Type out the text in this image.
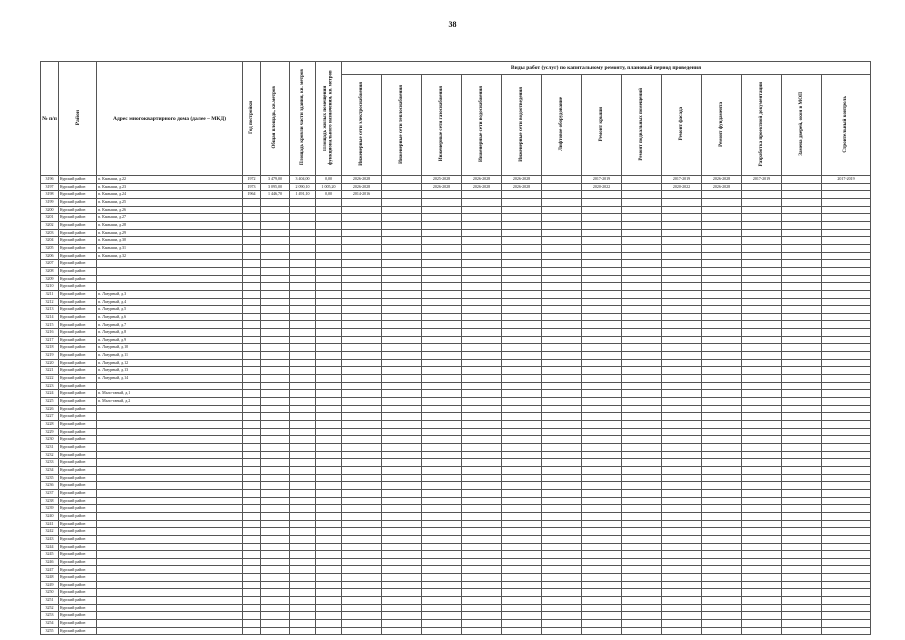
38
№ п/п	Район	Адрес многоквартирного дома (далее – МКД)	Год постройки	Общая площадь, кв.метров	Площадь кровли части здания, кв. метров	Площадь жилых помещений функционального назначения, кв. метров	Виды работ (услуг) по капитальному ремонту, плановый период проведения												
							Инженерные сети электроснабжения	Инженерные сети теплоснабжения	Инженерные сети газоснабжения	Инженерные сети водоснабжения	Инженерные сети водоотведения	Лифтовое оборудование	Ремонт крыши	Ремонт подвальных помещений	Ремонт фасада	Ремонт фундамента	Разработка проектной документации	Замена дверей, окон в МОП	Строительный контроль
3196	Курский район	п. Камыши, д.22	1972	3 479,00	3 404,00	0,00	2026-2028		2025-2028	2026-2028	2026-2028		2017-2019		2017-2019	2026-2028	2017-2019		2017-2019
3197	Курский район	п. Камыши, д.23	1973	3 095,00	2 090,10	1 005,20	2026-2028		2026-2028	2026-2028	2026-2028		2020-2022		2020-2022	2026-2028			
3198	Курский район	п. Камыши, д.24	1964	1 446,70	1 491,10	0,00	2014-2016												
3199	Курский район	п. Камыши, д.25																	
3200	Курский район	п. Камыши, д.26																	
3201	Курский район	п. Камыши, д.27																	
3202	Курский район	п. Камыши, д.28																	
3203	Курский район	п. Камыши, д.29																	
3204	Курский район	п. Камыши, д.30																	
3205	Курский район	п. Камыши, д.31																	
3206	Курский район	п. Камыши, д.32																	
3207	Курский район																		
3208	Курский район																		
3209	Курский район																		
3210	Курский район																		
3211	Курский район	п. Лазурный, д.3																	
3212	Курский район	п. Лазурный, д.4																	
3213	Курский район	п. Лазурный, д.5																	
3214	Курский район	п. Лазурный, д.6																	
3215	Курский район	п. Лазурный, д.7																	
3216	Курский район	п. Лазурный, д.8																	
3217	Курский район	п. Лазурный, д.9																	
3218	Курский район	п. Лазурный, д.10																	
3219	Курский район	п. Лазурный, д.11																	
3220	Курский район	п. Лазурный, д.12																	
3221	Курский район	п. Лазурный, д.13																	
3222	Курский район	п. Лазурный, д.14																	
3223	Курский район																		
3224	Курский район	п. Мало-ганый, д.1																	
3225	Курский район	п. Мало-ганый, д.2																	
3226	Курский район																		
3227	Курский район																		
3228	Курский район																		
3229	Курский район																		
3230	Курский район																		
3231	Курский район																		
3232	Курский район																		
3233	Курский район																		
3234	Курский район																		
3235	Курский район																		
3236	Курский район																		
3237	Курский район																		
3238	Курский район																		
3239	Курский район																		
3240	Курский район																		
3241	Курский район																		
3242	Курский район																		
3243	Курский район																		
3244	Курский район																		
3245	Курский район																		
3246	Курский район																		
3247	Курский район																		
3248	Курский район																		
3249	Курский район																		
3250	Курский район																		
3251	Курский район																		
3252	Курский район																		
3253	Курский район																		
3254	Курский район																		
3255	Курский район																		
